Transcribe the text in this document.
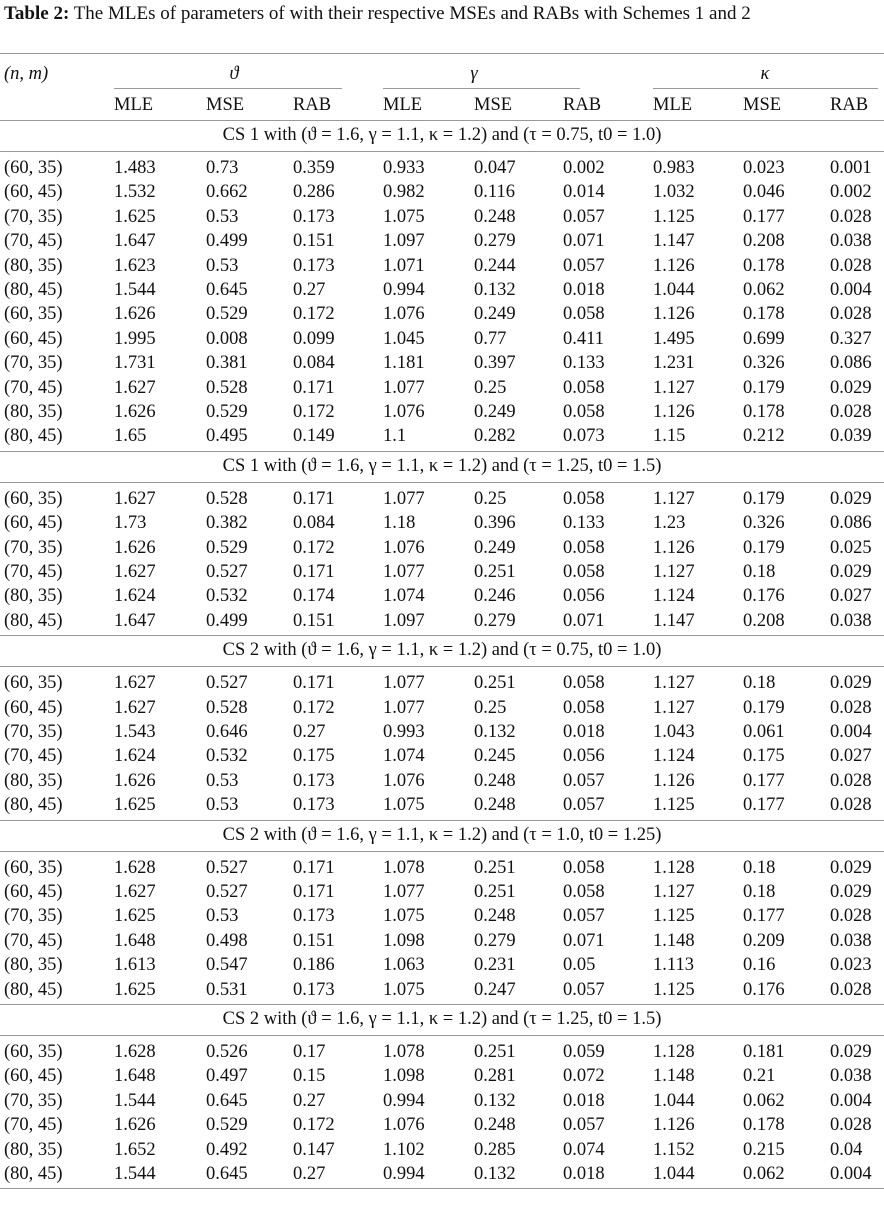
Table 2: The MLEs of parameters of with their respective MSEs and RABs with Schemes 1 and 2
(n, m)	ϑ	γ	κ
MLE	MSE	RAB	MLE	MSE	RAB	MLE	MSE	RAB
CS 1 with (ϑ = 1.6, γ = 1.1, κ = 1.2) and (τ = 0.75, t0 = 1.0)
(60, 35)	1.483	0.73	0.359	0.933	0.047	0.002	0.983	0.023 0.001
(60, 45)	1.532	0.662 0.286	0.982	0.116	0.014	1.032	0.046 0.002
(70, 35)	1.625	0.53	0.173	1.075	0.248	0.057	1.125	0.177 0.028
(70, 45)	1.647	0.499 0.151	1.097	0.279	0.071	1.147	0.208 0.038
(80, 35)	1.623	0.53	0.173	1.071	0.244	0.057	1.126	0.178 0.028
(80, 45)	1.544	0.645 0.27	0.994	0.132	0.018	1.044	0.062 0.004
(60, 35)	1.626	0.529 0.172	1.076	0.249	0.058	1.126	0.178 0.028
(60, 45)	1.995	0.008 0.099	1.045	0.77	0.411	1.495	0.699 0.327
(70, 35)	1.731	0.381 0.084	1.181	0.397	0.133	1.231	0.326 0.086
(70, 45)	1.627	0.528 0.171	1.077	0.25	0.058	1.127	0.179 0.029
(80, 35)	1.626	0.529 0.172	1.076	0.249	0.058	1.126	0.178 0.028
(80, 45)	1.65	0.495 0.149	1.1	0.282	0.073	1.15	0.212 0.039
CS 1 with (ϑ = 1.6, γ = 1.1, κ = 1.2) and (τ = 1.25, t0 = 1.5)
(60, 35)	1.627	0.528 0.171	1.077	0.25	0.058	1.127	0.179 0.029
(60, 45)	1.73	0.382 0.084	1.18	0.396	0.133	1.23	0.326 0.086
(70, 35)	1.626	0.529 0.172	1.076	0.249	0.058	1.126	0.179 0.025
(70, 45)	1.627	0.527 0.171	1.077	0.251	0.058	1.127	0.18	0.029
(80, 35)	1.624	0.532 0.174	1.074	0.246	0.056	1.124	0.176 0.027
(80, 45)	1.647	0.499 0.151	1.097	0.279	0.071	1.147	0.208 0.038
CS 2 with (ϑ = 1.6, γ = 1.1, κ = 1.2) and (τ = 0.75, t0 = 1.0)
(60, 35)	1.627	0.527 0.171	1.077	0.251	0.058	1.127	0.18	0.029
(60, 45)	1.627	0.528 0.172	1.077	0.25	0.058	1.127	0.179 0.028
(70, 35)	1.543	0.646 0.27	0.993	0.132	0.018	1.043	0.061 0.004
(70, 45)	1.624	0.532 0.175	1.074	0.245	0.056	1.124	0.175 0.027
(80, 35)	1.626	0.53	0.173	1.076	0.248	0.057	1.126	0.177 0.028
(80, 45)	1.625	0.53	0.173	1.075	0.248	0.057	1.125	0.177 0.028
CS 2 with (ϑ = 1.6, γ = 1.1, κ = 1.2) and (τ = 1.0, t0 = 1.25)
(60, 35)	1.628	0.527 0.171	1.078	0.251	0.058	1.128	0.18	0.029
(60, 45)	1.627	0.527 0.171	1.077	0.251	0.058	1.127	0.18	0.029
(70, 35)	1.625	0.53	0.173	1.075	0.248	0.057	1.125	0.177 0.028
(70, 45)	1.648	0.498 0.151	1.098	0.279	0.071	1.148	0.209 0.038
(80, 35)	1.613	0.547 0.186	1.063	0.231	0.05	1.113	0.16	0.023
(80, 45)	1.625	0.531 0.173	1.075	0.247	0.057	1.125	0.176 0.028
CS 2 with (ϑ = 1.6, γ = 1.1, κ = 1.2) and (τ = 1.25, t0 = 1.5)
(60, 35)	1.628	0.526 0.17	1.078	0.251	0.059	1.128	0.181 0.029
(60, 45)	1.648	0.497 0.15	1.098	0.281	0.072	1.148	0.21	0.038
(70, 35)	1.544	0.645 0.27	0.994	0.132	0.018	1.044	0.062 0.004
(70, 45)	1.626	0.529 0.172	1.076	0.248	0.057	1.126	0.178 0.028
(80, 35)	1.652	0.492 0.147	1.102	0.285	0.074	1.152	0.215 0.04
(80, 45)	1.544	0.645 0.27	0.994	0.132	0.018	1.044	0.062 0.004
